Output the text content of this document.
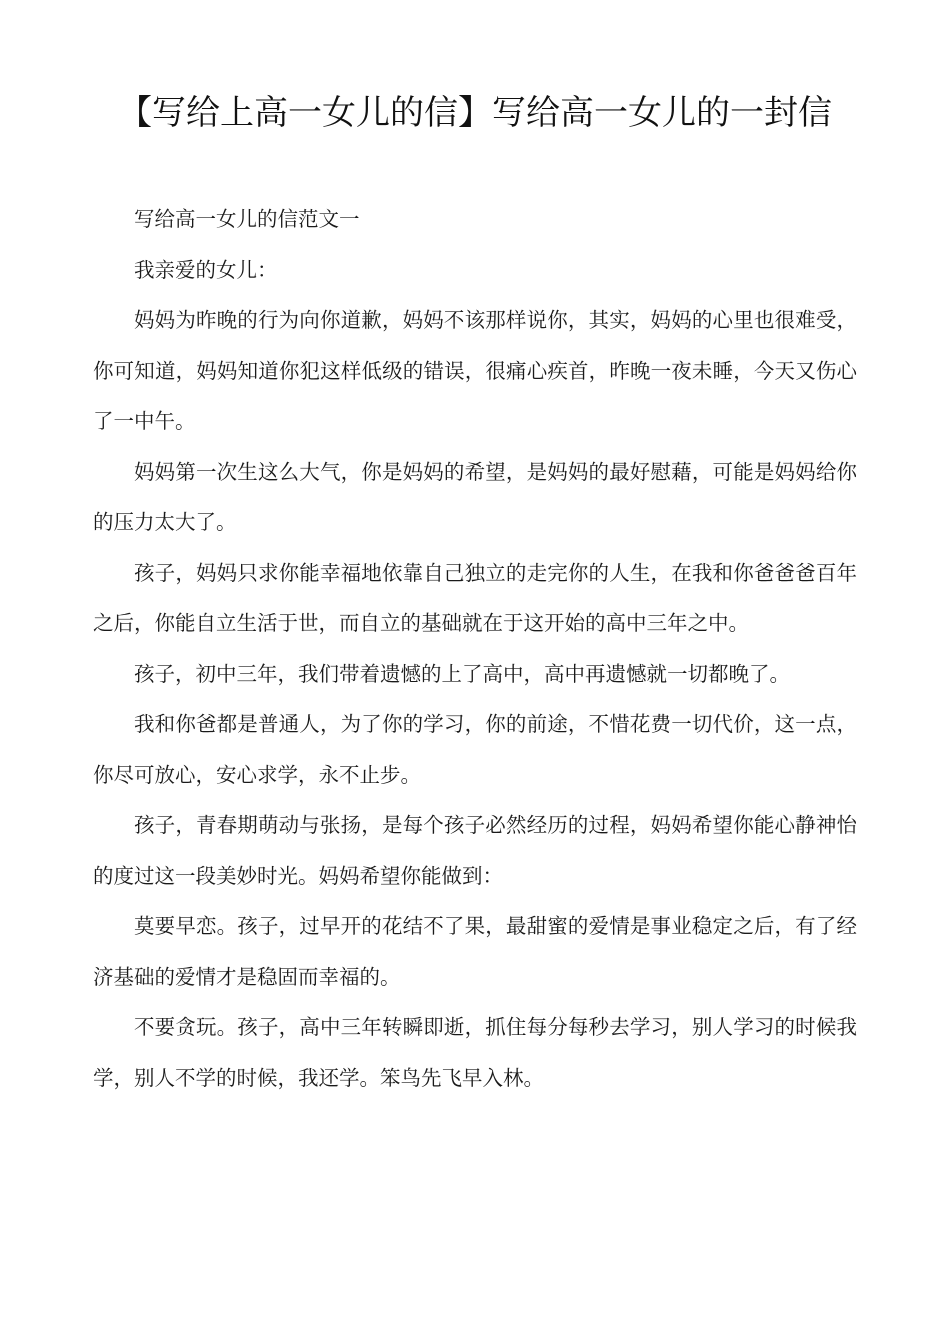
【写给上高一女儿的信】写给高一女儿的一封信

写给高一女儿的信范文一

我亲爱的女儿：

妈妈为昨晚的行为向你道歉，妈妈不该那样说你，其实，妈妈的心里也很难受，你可知道，妈妈知道你犯这样低级的错误，很痛心疾首，昨晚一夜未睡，今天又伤心了一中午。

妈妈第一次生这么大气，你是妈妈的希望，是妈妈的最好慰藉，可能是妈妈给你的压力太大了。

孩子，妈妈只求你能幸福地依靠自己独立的走完你的人生，在我和你爸爸爸百年之后，你能自立生活于世，而自立的基础就在于这开始的高中三年之中。

孩子，初中三年，我们带着遗憾的上了高中，高中再遗憾就一切都晚了。

我和你爸都是普通人，为了你的学习，你的前途，不惜花费一切代价，这一点，你尽可放心，安心求学，永不止步。

孩子，青春期萌动与张扬，是每个孩子必然经历的过程，妈妈希望你能心静神怡的度过这一段美妙时光。妈妈希望你能做到：

莫要早恋。孩子，过早开的花结不了果，最甜蜜的爱情是事业稳定之后，有了经济基础的爱情才是稳固而幸福的。

不要贪玩。孩子，高中三年转瞬即逝，抓住每分每秒去学习，别人学习的时候我学，别人不学的时候，我还学。笨鸟先飞早入林。
